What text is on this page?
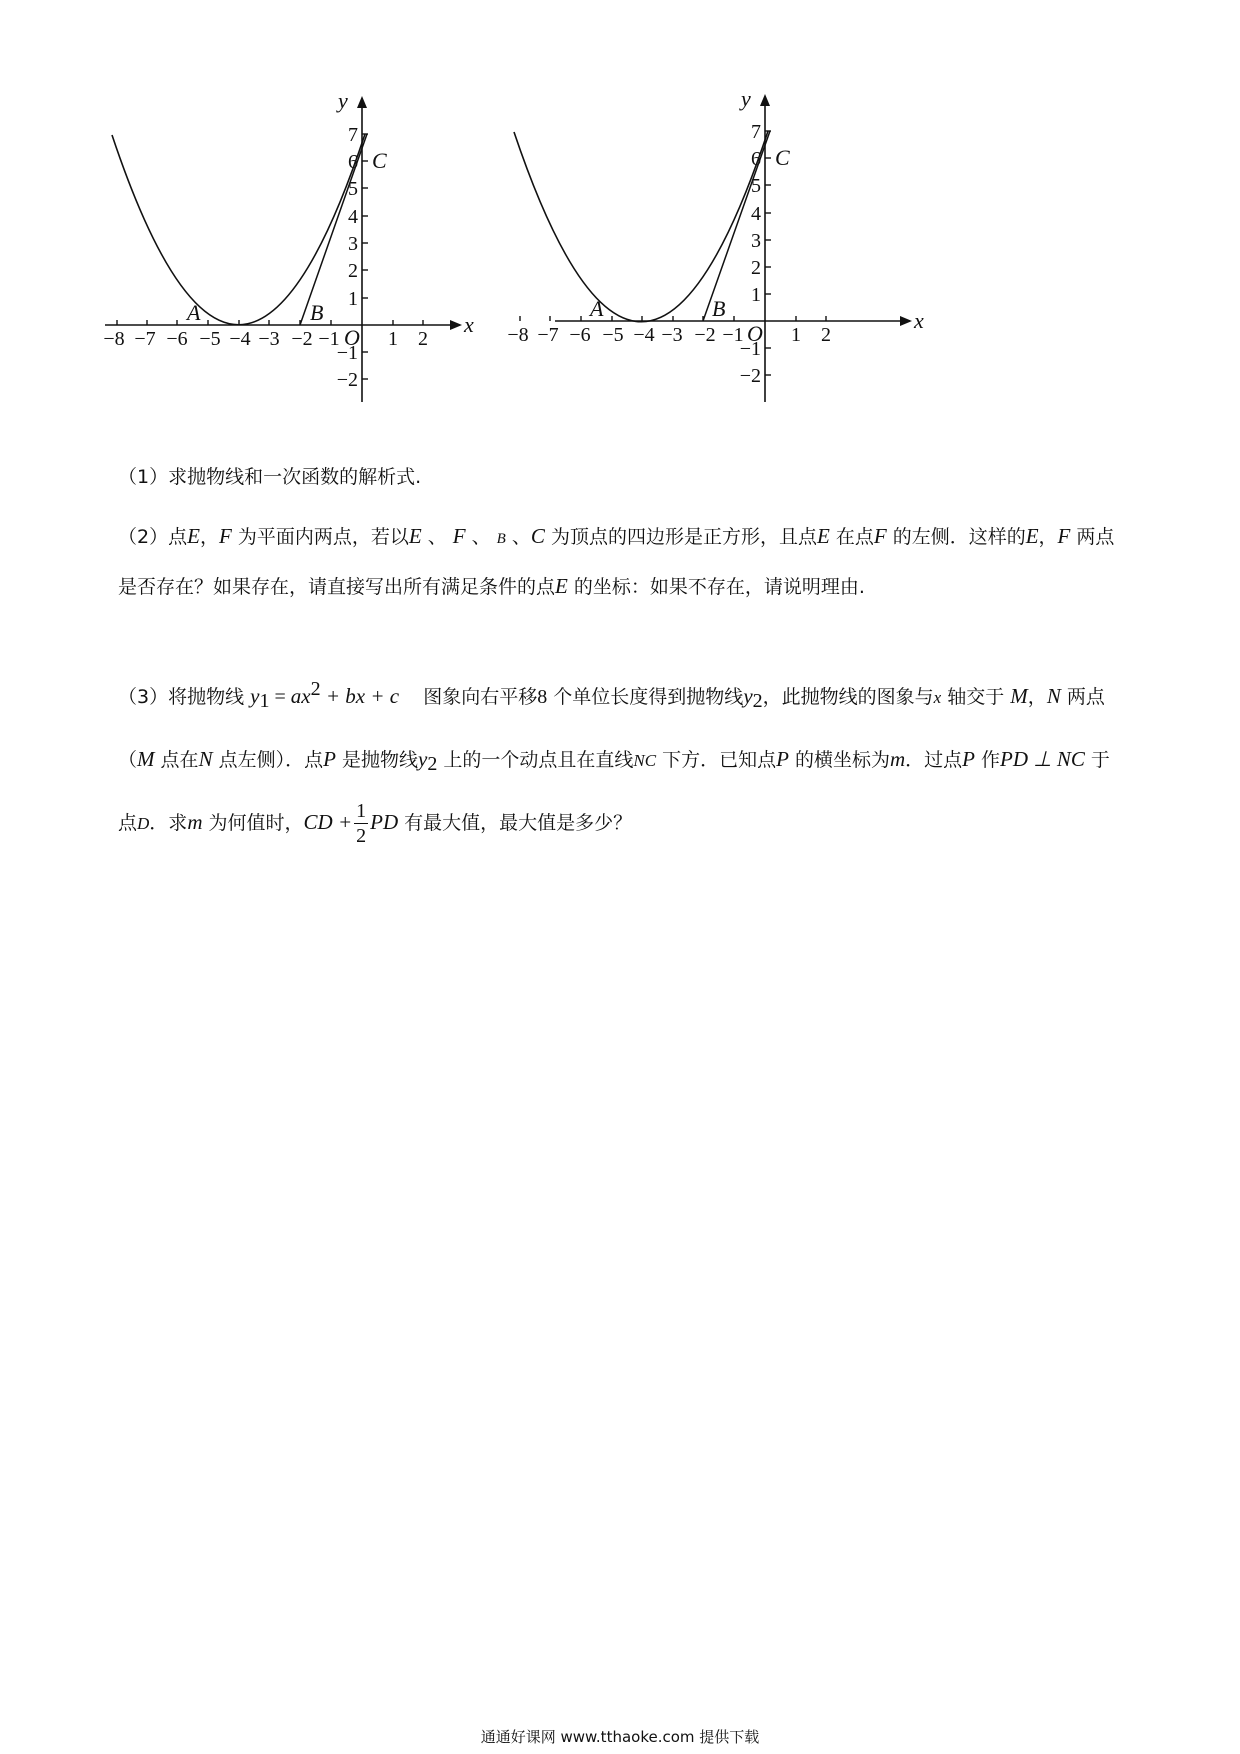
−8 −7 −6 −5 −4 −3 −2 −1 1 2
7
6
5
4
3
2
1
−1
−2
x
y
O
A	B
C
−8 −7 −6 −5 −4 −3 −2 −1 1 2
7
6
5
4
3
2
1
−1
−2
x
y
O
A	B
C
（1）求抛物线和一次函数的解析式.
（2）点E，F 为平面内两点，若以E 、 F 、 B 、C 为顶点的四边形是正方形，且点E 在点F 的左侧．这样的E，F 两点是否存在？如果存在，请直接写出所有满足条件的点E 的坐标：如果不存在，请说明理由.
（3）将抛物线 y1 = ax2 + bx + c 图象向右平移8 个单位长度得到抛物线y2，此抛物线的图象与x 轴交于 M，N 两点（M 点在N 点左侧）．点P 是抛物线y2 上的一个动点且在直线NC 下方．已知点P 的横坐标为m．过点P 作PD ⊥ NC 于点D．求m 为何值时，CD + $\frac{1}{2}$ PD 有最大值，最大值是多少？
通通好课网 www.tthaoke.com 提供下载
